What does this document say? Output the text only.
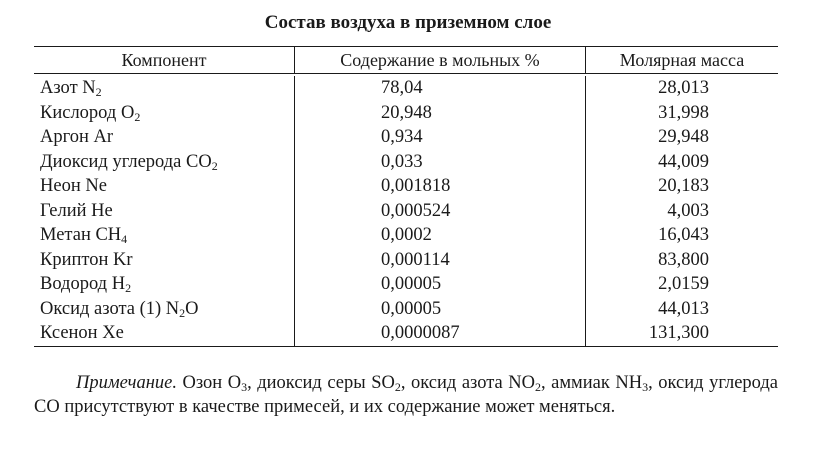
Состав воздуха в приземном слое
Компонент	Содержание в мольных %	Молярная масса
Азот $N_2$	78,04	28,013
Кислород $O_2$	20,948	31,998
Аргон Ar	0,934	29,948
Диоксид углерода $CO_2$	0,033	44,009
Неон Ne	0,001818	20,183
Гелий He	0,000524	4,003
Метан $CH_4$	0,0002	16,043
Криптон Kr	0,000114	83,800
Водород $H_2$	0,00005	2,0159
Оксид азота (1) $N_2O$	0,00005	44,013
Ксенон Xe	0,0000087	131,300
Примечание. Озон $O_3$, диоксид серы $SO_2$, оксид азота $NO_2$, аммиак $NH_3$, оксид углерода CO присутствуют в качестве примесей, и их содержание может меняться.
